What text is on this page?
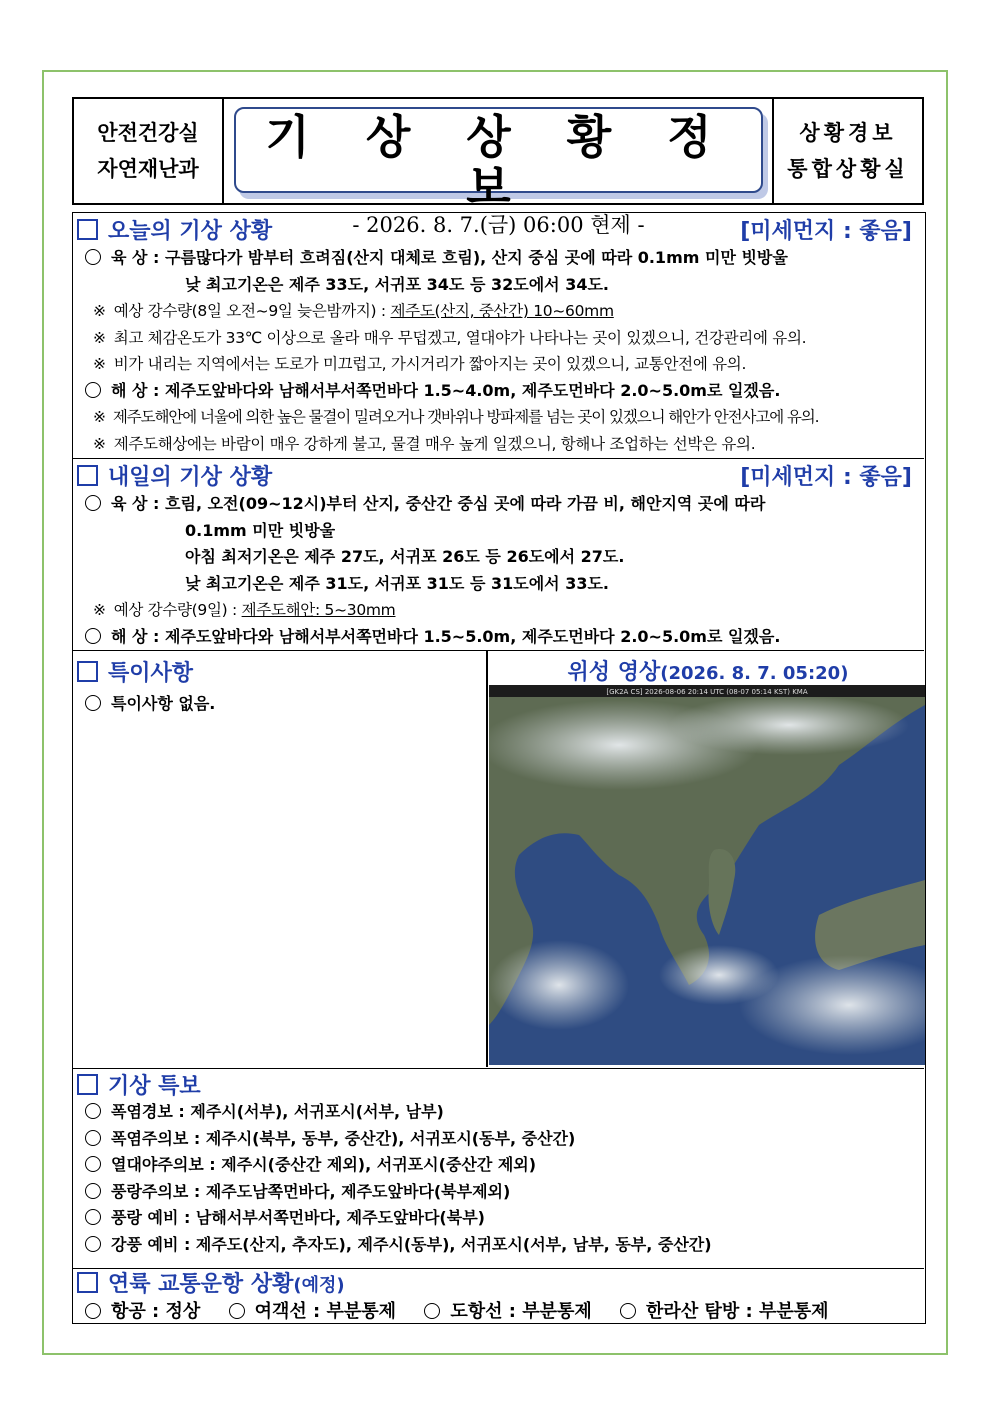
안전건강실
자연재난과
기 상 상 황 정 보
- 2026. 8. 7.(금) 06:00 현제 -
상황경보
통합상황실
오늘의 기상 상황	[미세먼지 : 좋음]
육 상 : 구름많다가 밤부터 흐려짐(산지 대체로 흐림), 산지 중심 곳에 따라 0.1mm 미만 빗방울
낮 최고기온은 제주 33도, 서귀포 34도 등 32도에서 34도.
※ 예상 강수량(8일 오전~9일 늦은밤까지) : 제주도(산지, 중산간) 10~60mm
※ 최고 체감온도가 33℃ 이상으로 올라 매우 무덥겠고, 열대야가 나타나는 곳이 있겠으니, 건강관리에 유의.
※ 비가 내리는 지역에서는 도로가 미끄럽고, 가시거리가 짧아지는 곳이 있겠으니, 교통안전에 유의.
해 상 : 제주도앞바다와 남해서부서쪽먼바다 1.5~4.0m, 제주도먼바다 2.0~5.0m로 일겠음.
※ 제주도해안에 너울에 의한 높은 물결이 밀려오거나 갯바위나 방파제를 넘는 곳이 있겠으니 해안가 안전사고에 유의.
※ 제주도해상에는 바람이 매우 강하게 불고, 물결 매우 높게 일겠으니, 항해나 조업하는 선박은 유의.
내일의 기상 상황	[미세먼지 : 좋음]
육 상 : 흐림, 오전(09~12시)부터 산지, 중산간 중심 곳에 따라 가끔 비, 해안지역 곳에 따라
0.1mm 미만 빗방울
아침 최저기온은 제주 27도, 서귀포 26도 등 26도에서 27도.
낮 최고기온은 제주 31도, 서귀포 31도 등 31도에서 33도.
※ 예상 강수량(9일) : 제주도해안: 5~30mm
해 상 : 제주도앞바다와 남해서부서쪽먼바다 1.5~5.0m, 제주도먼바다 2.0~5.0m로 일겠음.
특이사항
특이사항 없음.
위성 영상(2026. 8. 7. 05:20)
[GK2A CS] 2026-08-06 20:14 UTC (08-07 05:14 KST) KMA
기상 특보
폭염경보 : 제주시(서부), 서귀포시(서부, 남부)
폭염주의보 : 제주시(북부, 동부, 중산간), 서귀포시(동부, 중산간)
열대야주의보 : 제주시(중산간 제외), 서귀포시(중산간 제외)
풍랑주의보 : 제주도남쪽먼바다, 제주도앞바다(북부제외)
풍랑 예비 : 남해서부서쪽먼바다, 제주도앞바다(북부)
강풍 예비 : 제주도(산지, 추자도), 제주시(동부), 서귀포시(서부, 남부, 동부, 중산간)
연륙 교통운항 상황(예정)
항공 : 정상	여객선 : 부분통제	도항선 : 부분통제	한라산 탐방 : 부분통제
